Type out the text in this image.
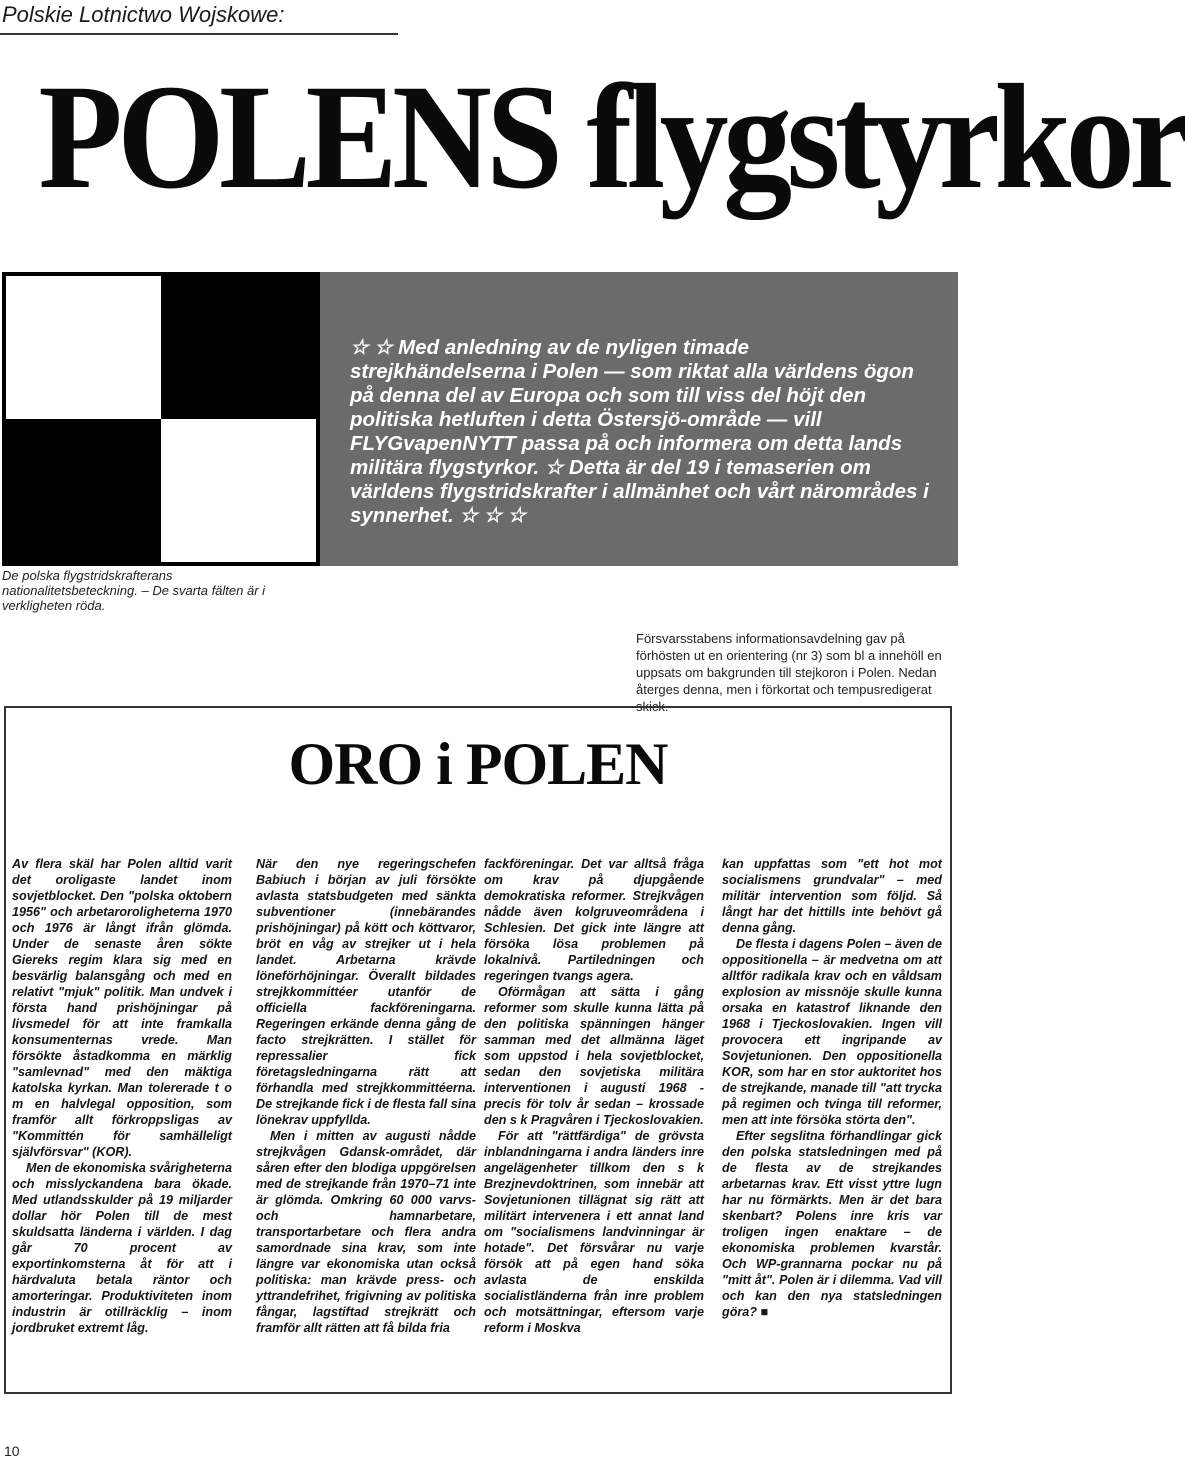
Polskie Lotnictwo Wojskowe:
POLENS flygstyrkor

☆ ☆ Med anledning av de nyligen timade strejkhändelserna i Polen — som riktat alla världens ögon på denna del av Europa och som till viss del höjt den politiska hetluften i detta Östersjö-område — vill FLYGvapenNYTT passa på och informera om detta lands militära flygstyrkor. ☆ Detta är del 19 i temaserien om världens flygstridskrafter i allmänhet och vårt närområdes i synnerhet. ☆ ☆ ☆

De polska flygstridskrafterans nationalitetsbeteckning. – De svarta fälten är i verkligheten röda.

Försvarsstabens informationsavdelning gav på förhösten ut en orientering (nr 3) som bl a innehöll en uppsats om bakgrunden till stejkoron i Polen. Nedan återges denna, men i förkortat och tempusredigerat skick.

ORO i POLEN

Av flera skäl har Polen alltid varit det oroligaste landet inom sovjetblocket. Den "polska oktobern 1956" och arbetaroroligheterna 1970 och 1976 är långt ifrån glömda. Under de senaste åren sökte Giereks regim klara sig med en besvärlig balansgång och med en relativt "mjuk" politik. Man undvek i första hand prishöjningar på livsmedel för att inte framkalla konsumenternas vrede. Man försökte åstadkomma en märklig "samlevnad" med den mäktiga katolska kyrkan. Man tolererade t o m en halvlegal opposition, som framför allt förkroppsligas av "Kommittén för samhälleligt självförsvar" (KOR).

Men de ekonomiska svårigheterna och misslyckandena bara ökade. Med utlandsskulder på 19 miljarder dollar hör Polen till de mest skuldsatta länderna i världen. I dag går 70 procent av exportinkomsterna åt för att i härdvaluta betala räntor och amorteringar. Produktiviteten inom industrin är otillräcklig – inom jordbruket extremt låg.

När den nye regeringschefen Babiuch i början av juli försökte avlasta statsbudgeten med sänkta subventioner (innebärandes prishöjningar) på kött och köttvaror, bröt en våg av strejker ut i hela landet. Arbetarna krävde löneförhöjningar. Överallt bildades strejkkommittéer utanför de officiella fackföreningarna. Regeringen erkände denna gång de facto strejkrätten. I stället för repressalier fick företagsledningarna rätt att förhandla med strejkkommittéerna. De strejkande fick i de flesta fall sina lönekrav uppfyllda.

Men i mitten av augusti nådde strejkvågen Gdansk-området, där såren efter den blodiga uppgörelsen med de strejkande från 1970–71 inte är glömda. Omkring 60 000 varvs- och hamnarbetare, transportarbetare och flera andra samordnade sina krav, som inte längre var ekonomiska utan också politiska: man krävde press- och yttrandefrihet, frigivning av politiska fångar, lagstiftad strejkrätt och framför allt rätten att få bilda fria

fackföreningar. Det var alltså fråga om krav på djupgående demokratiska reformer. Strejkvågen nådde även kolgruveområdena i Schlesien. Det gick inte längre att försöka lösa problemen på lokalnivå. Partiledningen och regeringen tvangs agera.

Oförmågan att sätta i gång reformer som skulle kunna lätta på den politiska spänningen hänger samman med det allmänna läget som uppstod i hela sovjetblocket, sedan den sovjetiska militära interventionen i augusti 1968 - precis för tolv år sedan – krossade den s k Pragvåren i Tjeckoslovakien.

För att "rättfärdiga" de grövsta inblandningarna i andra länders inre angelägenheter tillkom den s k Brezjnevdoktrinen, som innebär att Sovjetunionen tillägnat sig rätt att militärt intervenera i ett annat land om "socialismens landvinningar är hotade". Det försvårar nu varje försök att på egen hand söka avlasta de enskilda socialistländerna från inre problem och motsättningar, eftersom varje reform i Moskva

kan uppfattas som "ett hot mot socialismens grundvalar" – med militär intervention som följd. Så långt har det hittills inte behövt gå denna gång.

De flesta i dagens Polen – även de oppositionella – är medvetna om att alltför radikala krav och en våldsam explosion av missnöje skulle kunna orsaka en katastrof liknande den 1968 i Tjeckoslovakien. Ingen vill provocera ett ingripande av Sovjetunionen. Den oppositionella KOR, som har en stor auktoritet hos de strejkande, manade till "att trycka på regimen och tvinga till reformer, men att inte försöka störta den".

Efter segslitna förhandlingar gick den polska statsledningen med på de flesta av de strejkandes arbetarnas krav. Ett visst yttre lugn har nu förmärkts. Men är det bara skenbart? Polens inre kris var troligen ingen enaktare – de ekonomiska problemen kvarstår. Och WP-grannarna pockar nu på "mitt åt". Polen är i dilemma. Vad vill och kan den nya statsledningen göra? ■

10
